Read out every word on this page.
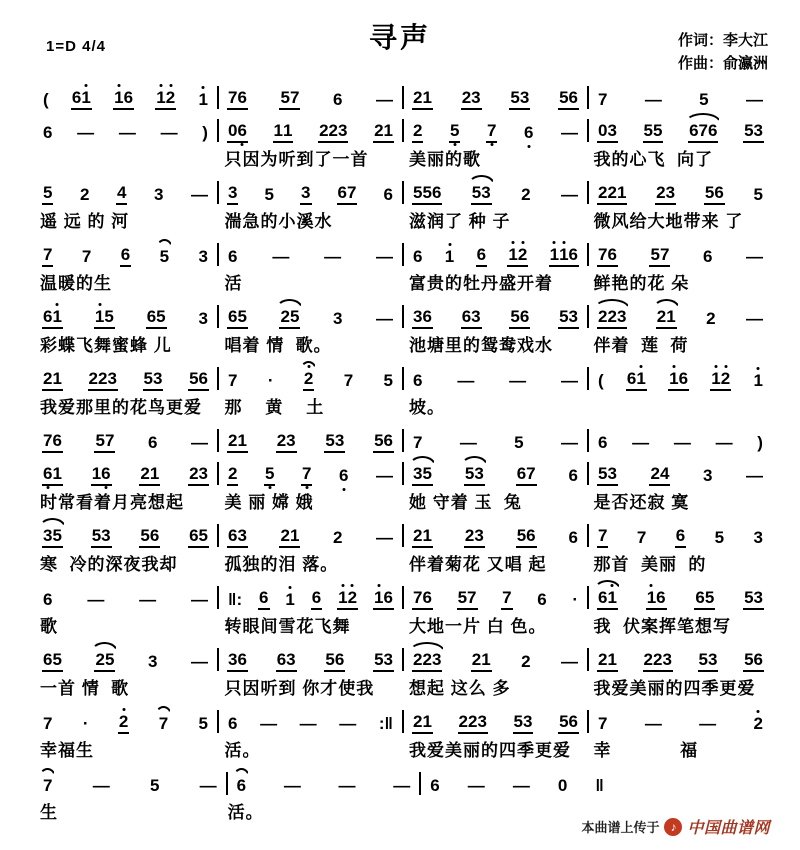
1=D 4/4	寻声	作词：李大江
作曲：俞瀛洲
( 61 16 12 1 76 57 6 — 21 23 53 56 7 — 5 —
6 — — — ) 06 11 223 21 2 5 7 6 — 03 55 676 53
只因为听到了一首	美丽的歌	我的心飞  向了
5 2 4 3 — 3 5 3 67 6 556 53 2 — 221 23 56 5
遥 远 的 河	湍急的小溪水	滋润了 种 子	微风给大地带来 了
7 7 6 5 3 6 — — — 6 1 6 12 116 76 57 6 —
温暖的生	活	富贵的牡丹盛开着	鲜艳的花 朵
61 15 65 3 65 25 3 — 36 63 56 53 223 21 2 —
彩蝶飞舞蜜蜂 儿	唱着 情  歌。	池塘里的鸳鸯戏水	伴着  莲  荷
21 223 53 56 7 · 2 7 5 6 — — — ( 61 16 12 1
我爱那里的花鸟更爱	那    黄    土	坡。
76 57 6 — 21 23 53 56 7 — 5 — 6 — — — )
61 16 21 23 2 5 7 6 — 35 53 67 6 53 24 3 —
时常看着月亮想起	美 丽 嫦 娥	她 守着 玉  兔	是否还寂 寞
35 53 56 65 63 21 2 — 21 23 56 6 7 7 6 5 3
寒  冷的深夜我却	孤独的泪 落。	伴着菊花 又唱 起	那首  美丽  的
6 — — — ‖: 6 1 6 12 16 76 57 7 6 · 61 16 65 53
歌	转眼间雪花飞舞	大地一片 白 色。	我  伏案挥笔想写
65 25 3 — 36 63 56 53 223 21 2 — 21 223 53 56
一首 情  歌	只因听到 你才使我	想起 这么 多	我爱美丽的四季更爱
7 · 2 7 5 6 — — — :‖ 21 223 53 56 7 — — 2
幸福生	活。	我爱美丽的四季更爱	幸            福
7 — 5 — 6 — — — 6 — — 0 ‖
生	活。
本曲谱上传于 ♪ 中国曲谱网
